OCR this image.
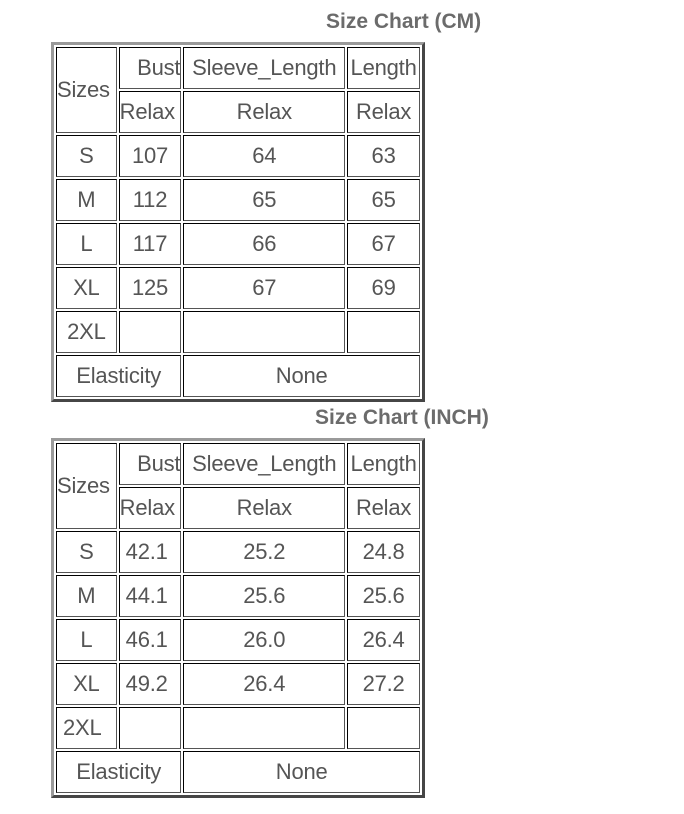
Size Chart (CM)
Sizes	Bust	Sleeve_Length	Length
	Relax	Relax	Relax
S	107	64	63
M	112	65	65
L	117	66	67
XL	125	67	69
2XL			
Elasticity		None	
Size Chart (INCH)
Sizes	Bust	Sleeve_Length	Length
	Relax	Relax	Relax
S	42.1	25.2	24.8
M	44.1	25.6	25.6
L	46.1	26.0	26.4
XL	49.2	26.4	27.2
2XL			
Elasticity		None	
